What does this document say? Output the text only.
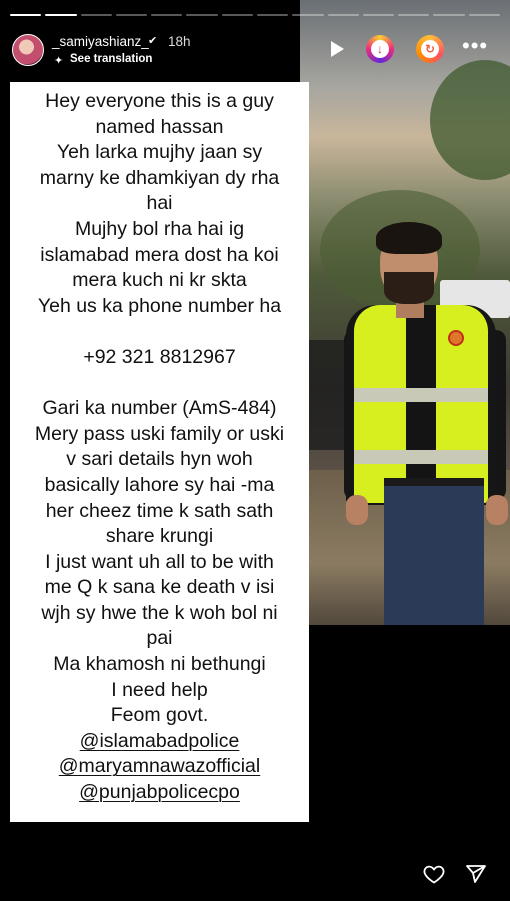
_samiyashianz_ ✔ 18h
✦ See translation
↓	↻ •••
Hey everyone this is a guy
named hassan
Yeh larka mujhy jaan sy
marny ke dhamkiyan dy rha
hai
Mujhy bol rha hai ig
islamabad mera dost ha koi
mera kuch ni kr skta
Yeh us ka phone number ha
+92 321 8812967
Gari ka number (AmS-484)
Mery pass uski family or uski
v sari details hyn woh
basically lahore sy hai -ma
her cheez time k sath sath
share krungi
I just want uh all to be with
me Q k sana ke death v isi
wjh sy hwe the k woh bol ni
pai
Ma khamosh ni bethungi
I need help
Feom govt.
@islamabadpolice
@maryamnawazofficial
@punjabpolicecpo
